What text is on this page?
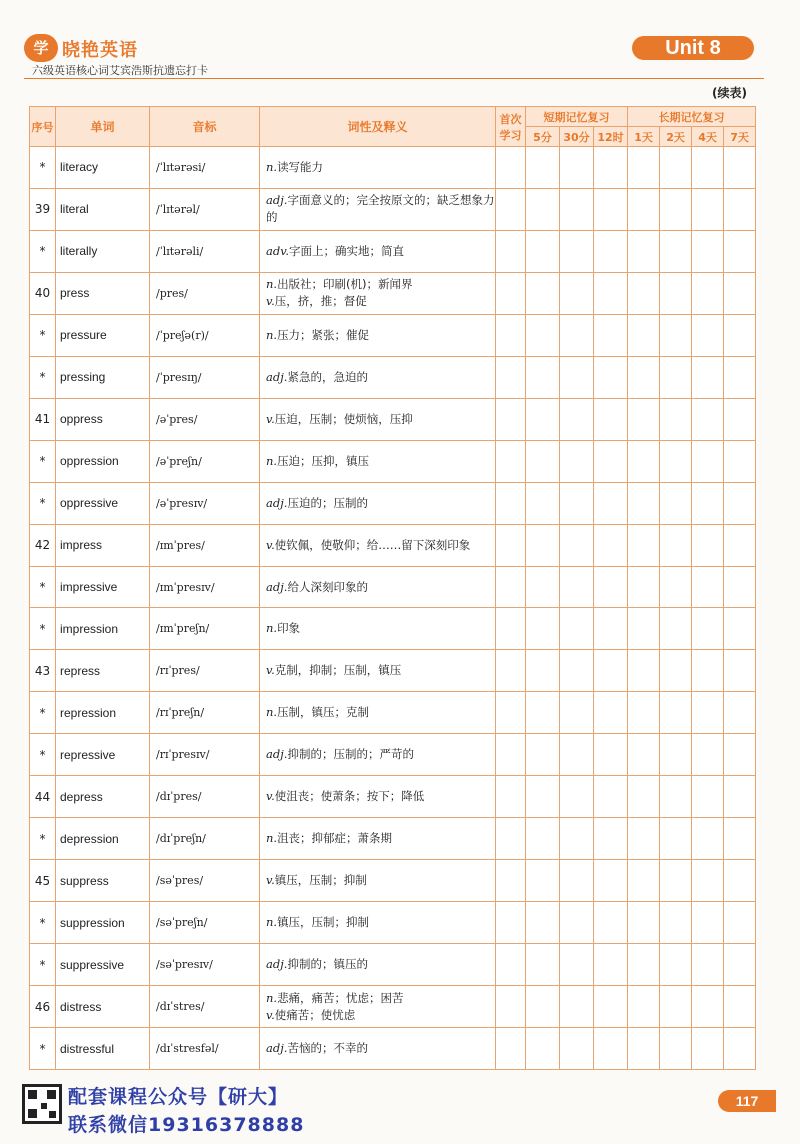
学 晓艳英语
六级英语核心词艾宾浩斯抗遗忘打卡
Unit 8
(续表)
序号	单词	音标	词性及释义	首次学习	短期记忆复习			长期记忆复习			
					5分	30分	12时	1天	2天	4天	7天
*	literacy	/ˈlɪtərəsi/	n.读写能力								

39	literal	/ˈlɪtərəl/	adj.字面意义的；完全按原文的；缺乏想象力的								

*	literally	/ˈlɪtərəli/	adv.字面上；确实地；简直								

40	press	/pres/	n.出版社；印刷(机)；新闻界
v.压，挤，推；督促								

*	pressure	/ˈpreʃə(r)/	n.压力；紧张；催促								

*	pressing	/ˈpresɪŋ/	adj.紧急的，急迫的								

41	oppress	/əˈpres/	v.压迫，压制；使烦恼，压抑								

*	oppression	/əˈpreʃn/	n.压迫；压抑，镇压								

*	oppressive	/əˈpresɪv/	adj.压迫的；压制的								

42	impress	/ɪmˈpres/	v.使钦佩，使敬仰；给……留下深刻印象								

*	impressive	/ɪmˈpresɪv/	adj.给人深刻印象的								

*	impression	/ɪmˈpreʃn/	n.印象								

43	repress	/rɪˈpres/	v.克制，抑制；压制，镇压								

*	repression	/rɪˈpreʃn/	n.压制，镇压；克制								

*	repressive	/rɪˈpresɪv/	adj.抑制的；压制的；严苛的								

44	depress	/dɪˈpres/	v.使沮丧；使萧条；按下；降低								

*	depression	/dɪˈpreʃn/	n.沮丧；抑郁症；萧条期								

45	suppress	/səˈpres/	v.镇压，压制；抑制								

*	suppression	/səˈpreʃn/	n.镇压，压制；抑制								

*	suppressive	/səˈpresɪv/	adj.抑制的；镇压的								

46	distress	/dɪˈstres/	n.悲痛，痛苦；忧虑；困苦
v.使痛苦；使忧虑								

*	distressful	/dɪˈstresfəl/	adj.苦恼的；不幸的								

配套课程公众号【研大】
联系微信19316378888
117
